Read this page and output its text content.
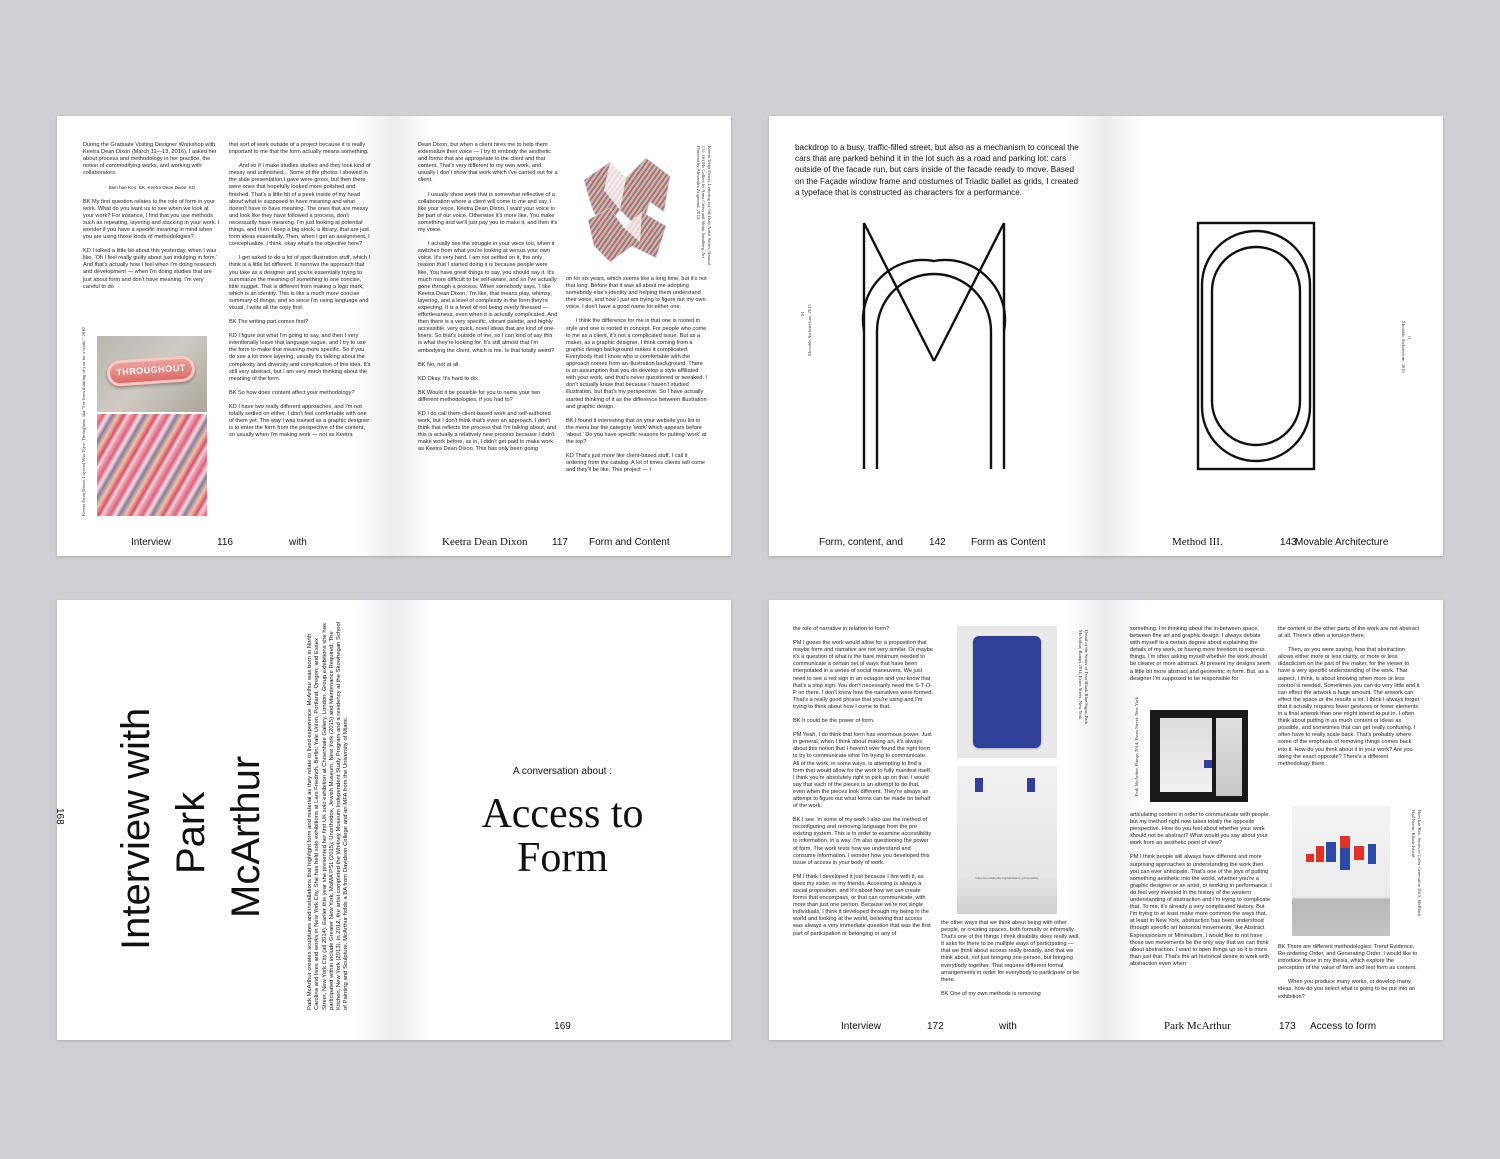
During the Graduate Visiting Designer Workshop with Keetra Dean Dixon (March 11—13, 2016), I asked her about process and methodology in her practice, the notion of commodifying works, and working with collaborators.

Bien hae Koo: BK, Keetra Dean Dixon: KD

BK My first question relates to the role of form in your work. What do you want us to see when we look at your work? For instance, I find that you use methods such as repeating, layering and stacking in your work. I wonder if you have a specific meaning in mind when you are using those kinds of methodologies?

KD I talked a little bit about this yesterday, when I was like, 'Oh I feel really guilty about just indulging in form.' And that's actually how I feel when I'm doing research and development — when I'm doing studies that are just about form and don't have meaning. I'm very careful to do

that sort of work outside of a project because it is really important to me that the form actually means something.

And so if I make studies studies and they look kind of messy and unfinished... Some of the photos I showed in the slide presentation I gave were gross, but then there were ones that hopefully looked more polished and finished. That's a little bit of a peek inside of my head about what is supposed to have meaning and what doesn't have to have meaning. The ones that are messy and look like they have followed a process, don't necessarily have meaning. I'm just looking at potential things, and then I keep a big stock, a library, that are just form ideas essentially. Then, when I get an assignment, I conceptualize. I think, okay what's the objective here?

I get asked to do a lot of spot illustration stuff, which I think is a little bit different. It narrows the approach that you take as a designer and you're essentially trying to summarize the meaning of something in one concise, little nugget. That is different from making a logo mark, which is an identity. This is like a much more concise summary of things, and so since I'm using language and visual, I write all the copy first.

BK The writing part comes first?

KD I figure out what I'm going to say, and then I very intentionally leave that language vague, and I try to use the form to make that meaning more specific. So if you do see a lot more layering, usually it's talking about the complexity and diversity and complication of this idea. It's still very abstract, but I am very much thinking about the meaning of the form.

BK So how does content affect your methodology?

KD I have two really different approaches, and I'm not totally settled on either. I don't feel comfortable with one of them yet. The way I was trained as a graphic designer is to enter the form from the perspective of the content, so usually when I'm making work — not as Keetra

THROUGHOUT
Keetra Dean Dixon, Layered Wax Type: Throughout, aka "I've been thinking of you for a while," 2010
Interview	116	with

Dean Dixon, but when a client hires me to help them externalize their voice — I try to embody the aesthetic and forms that are appropriate to the client and that content. That's very different to my own work, and usually I don't show that work which I've carried out for a client.

I usually show work that is somewhat reflective of a collaboration where a client will come to me and say, I like your voice, Keetra Dean Dixon, I want your voice to be part of our voice. Otherwise it's more like, You make something and we'll just pay you to make it, and then it's my voice.

I actually see the struggle in your voice too, when it switches from what you're looking at versus your own voice. It's very hard. I am not settled on it, the only reason that I started doing it is because people were like, You have great things to say, you should say it. It's much more difficult to be self-aware, and so I've actually gone through a process. When somebody says, 'I like Keetra Dean Dixon,' I'm like, that means play, whimsy, layering, and a level of complexity in the form they're expecting. It is a level of not being overly finessed — effortlessness, even when it is actually complicated. And then there is a very specific, vibrant palette, and highly accessible, very quick, novel ideas that are kind of one-liners. So that's outside of me, so I can kind of say this is what they're looking for. It's still almost that I'm embodying the client, which is me. Is that totally weird?

BK No, not at all.

KD Okay. It's hard to do.

BK Would it be possible for you to name your two different methodologies, if you had to?

KD I do call them client-based work and self-authored work, but I don't think that's even an approach. I don't think that reflects the process that I'm talking about, and this is actually a relatively new process because I didn't make work before, as in, I didn't get paid to make work as Keetra Dean Dixon. This has only been going

Keetra Dean Dixon, Lettering for Off Duty Artist Series, Natural CO, Off Me Collect by Anna Green and Shinji Sandberg. Art Directed by Alexandra Zsigmond, 2014

on for six years, which seems like a long time, but it's not that long. Before that it was all about me adopting somebody else's identity and helping them understand their voice, and now I just am trying to figure out my own voice. I don't have a good name for either one.

I think the difference for me is that one is rooted in style and one is rooted in concept. For people who come to me as a client, it's not a complicated issue. But as a maker, as a graphic designer, I think coming from a graphic design background makes it complicated. Everybody that I know who is comfortable with the approach comes from an illustration background. There is an assumption that you do develop a style affiliated with your work, and that's never questioned or tweaked. I don't actually know that because I haven't studied illustration, but that's my perspective. So I have actually started thinking of it as the difference between illustration and graphic design.

BK I found it interesting that on your website you list in the menu bar the category 'work' which appears before 'about.' Do you have specific reasons for putting 'work' at the top?

KD That's just more like client-based stuff. I call it ordering from the catalog. A lot of times clients will come and they'll be like, This project — I

Keetra Dean Dixon 117 Form and Content
backdrop to a busy, traffic-filled street, but also as a mechanism to conceal the cars that are parked behind it in the lot such as a road and parking lot: cars outside of the facade run, but cars inside of the facade ready to move. Based on the Façade window frame and costumes of Triadic ballet as grids, I created a typeface that is constructed as characters for a performance.
M Movable Architecture, 2015
Form, content, and	142	Form as Content
O
Movable Architecture, 2015
Method III.	143
Movable Architecture
168 Interview with Park McArthur	Park McArthur creates sculptures and installations that highlight form and material as they relate to lived experience. McArthur was born in North Carolina and lives and works in New York City. She has held solo exhibitions at Lars Friedrich, Berlin; Yale Union, Portland, Oregon; and Essex Street, New York City (all 2014). Earlier this year she presented her first UK solo exhibition at Chisenhale Gallery, London. Group exhibitions she has participated within include Greater New York, MoMA PS1 (2015); Unorthodox, Jewish Museum, New York (2015) and Maintenance Required, The Kitchen, New York (2013). In 2012, the artist completed the Whitney Museum Independent Study Program and a residency at the Skowhegan School of Painting and Sculpture. McArthur holds a BA from Davidson College and an MFA from the University of Miami.	A conversation about :
Access to
Form
169

the role of narrative in relation to form?

PM I guess the work would allow for a proposition that maybe form and narrative are not very similar. Or maybe it's a question of what is the bare minimum needed to communicate a certain set of ways that have been interpolated in a series of social maneuvers. We just need to see a red sign in an octagon and you know that that's a stop sign. You don't necessarily need the S-T-O-P on there. I don't know how the narratives were formed. That's a really good phrase that you're using and I'm trying to think about how I come to that.

BK It could be the power of form.

PM Yeah, I do think that form has enormous power. Just in general, when I think about making art, it's always about this notion that I haven't ever found the right form to try to communicate what I'm trying to communicate. All of the work, in some ways, is attempting to find a form that would allow for the work to fully manifest itself. I think you're absolutely right to pick up on that. I would say that each of the pieces is an attempt to do that, even when the pieces look different. They're always an attempt to figure out what forms can be made on behalf of the work.

BK I see. In some of my work I also use the method of reconfiguring and removing language from the pre existing system. This is in order to examine accessibility to information, in a way. I'm also questioning the power of form. The work tests how we understand and consume information. I wonder how you developed this issue of access in your body of work.

PM I think I developed it just because I live with it, as does my sister, or my friends. Accessing is always a social proposition, and it's about how we can create forms that encompass, or that can communicate, with more than just one person. Because we're not single individuals. I think it developed through my being in the world and looking at the world, believing that access was always a very immediate question that was the first part of participation or belonging or any of

https://en.wikipedia.org/wiki/Ramp_(Accessible)
Detail of the Series of Four Blank Blue Signs, Park McArthur, Ramps 2014, Essex Street, New York

the other ways that we think about being with other people, or creating spaces, both formally or informally. That's one of the things I think disability does really well. It asks for there to be multiple ways of participating — that we think about access really broadly, and that we think about, not just bringing one person, but bringing everybody together. That requires different formal arrangements in order for everybody to participate or be there.

BK One of my own methods is removing

Interview	172	with

something. I'm thinking about the in-between space, between fine art and graphic design. I always debate with myself to a certain degree about explaining the details of my work, or having more freedom to express things. I'm often asking myself whether the work should be clearer or more abstract. At present my designs seem a little bit more abstract and geometric in form. But, as a designer I'm supposed to be responsible for

Park McArthur, Ramps 2014, Essex Street, New York

articulating content in order to communicate with people, but my method right now takes totally the opposite perspective. How do you feel about whether your work should not be abstract? What would you say about your work from an aesthetic point of view?

PM I think people will always have different and more surprising approaches to understanding the work then you can ever anticipate. That's one of the joys of putting something aesthetic into the world, whether you're a graphic designer or an artist, or working in performance. I do feel very invested in the history of the western understanding of abstraction and I'm trying to complicate that. To me, it's already a very complicated history. But I'm trying to at least make more common the ways that, at least in New York, abstraction has been understood through specific art historical movements, like Abstract Expressionism or Minimalism. I would like to not have those two movements be the only way that we can think about abstraction. I want to open things up so it is more than just that. That's the art historical desire to work with abstraction even when

the content or the other parts of the work are not abstract at all. There's often a tension there.

Then, as you were saying, how that abstraction allows either more or less clarity, or more or less didacticism on the part of the maker, for the viewer to have a very specific understanding of the work. That aspect, I think, is about knowing when more or less control is needed. Sometimes you can do very little and it can effect the artwork a huge amount. The artwork can effect the space or the results a lot. I think I always forget that it actually requires fewer gestures or fewer elements in a final artwork than one might intend to put in. I often think about putting in as much content or ideas as possible, and sometimes that can get really confusing. I often have to really scale back. That's probably where some of the emphasis of removing things comes back into it. How do you think about it in your work? Are you doing the exact opposite? There's a different methodology there.

Bien hae Koo, Series of Color Generation 2015, McBlack Hall Room, Rhode Island

BK There are different methodologies: Trend Evidence, Re-ordering Order, and Generating Order. I would like to introduce those in my thesis, which explore the perception of the value of form and test form as content.

When you produce many works, or develop many ideas, how do you select what is going to be put into an exhibition?

Park McArthur	173 Access to form
